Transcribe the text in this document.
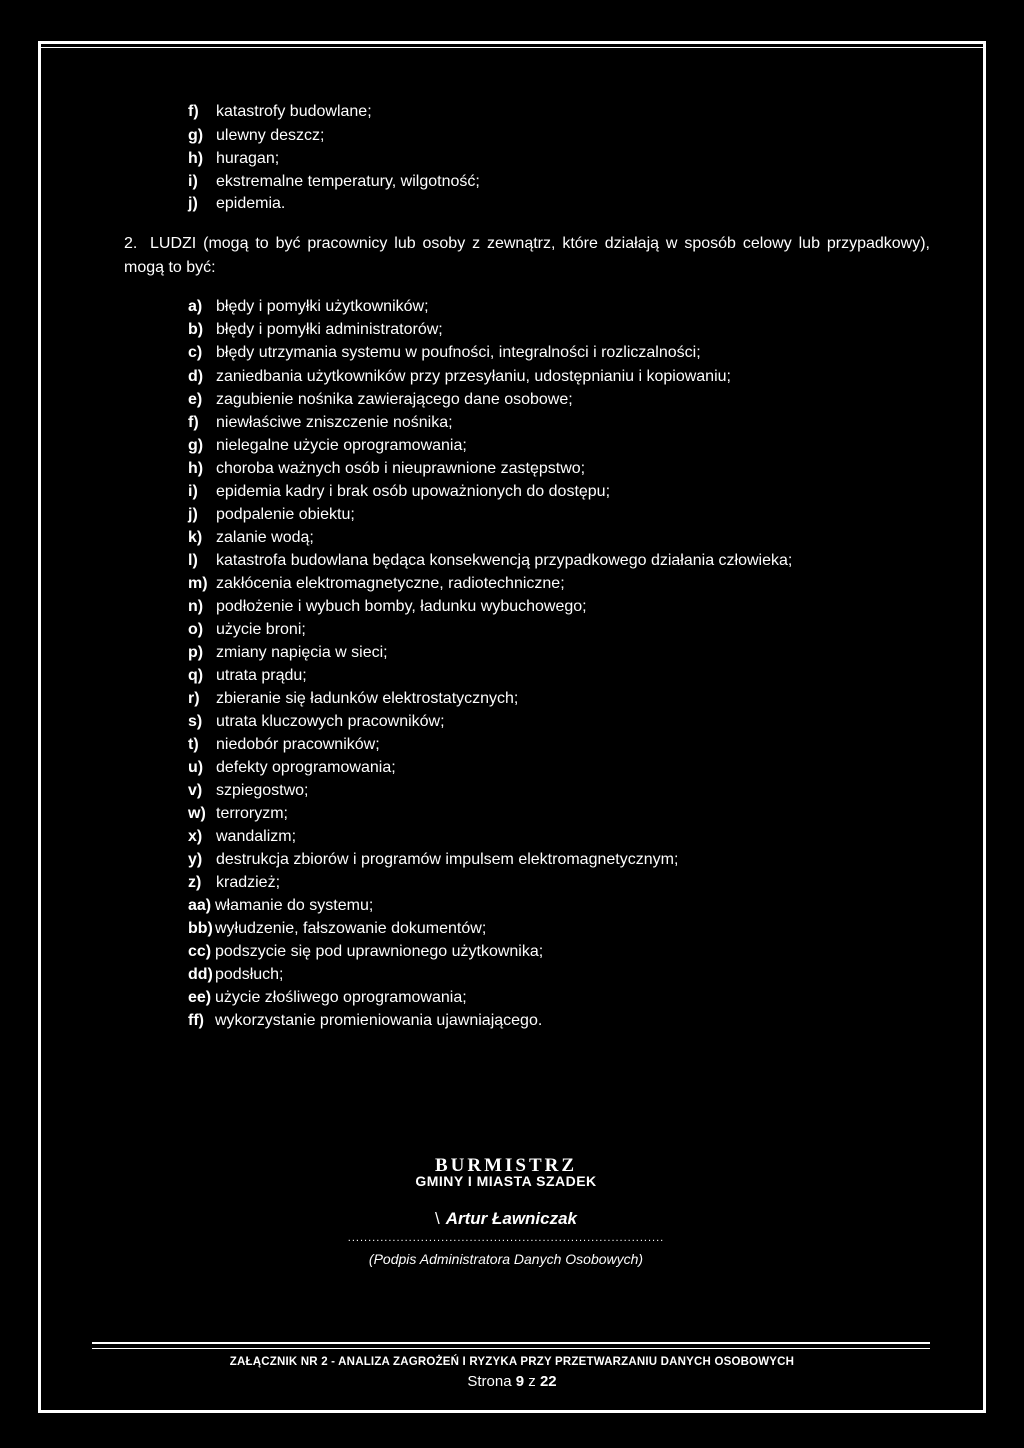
f) katastrofy budowlane;
g) ulewny deszcz;
h) huragan;
i) ekstremalne temperatury, wilgotność;
j) epidemia.
2. LUDZI (mogą to być pracownicy lub osoby z zewnątrz, które działają w sposób celowy lub przypadkowy), mogą to być:
a) błędy i pomyłki użytkowników;
b) błędy i pomyłki administratorów;
c) błędy utrzymania systemu w poufności, integralności i rozliczalności;
d) zaniedbania użytkowników przy przesyłaniu, udostępnianiu i kopiowaniu;
e) zagubienie nośnika zawierającego dane osobowe;
f) niewłaściwe zniszczenie nośnika;
g) nielegalne użycie oprogramowania;
h) choroba ważnych osób i nieuprawnione zastępstwo;
i) epidemia kadry i brak osób upoważnionych do dostępu;
j) podpalenie obiektu;
k) zalanie wodą;
l) katastrofa budowlana będąca konsekwencją przypadkowego działania człowieka;
m) zakłócenia elektromagnetyczne, radiotechniczne;
n) podłożenie i wybuch bomby, ładunku wybuchowego;
o) użycie broni;
p) zmiany napięcia w sieci;
q) utrata prądu;
r) zbieranie się ładunków elektrostatycznych;
s) utrata kluczowych pracowników;
t) niedobór pracowników;
u) defekty oprogramowania;
v) szpiegostwo;
w) terroryzm;
x) wandalizm;
y) destrukcja zbiorów i programów impulsem elektromagnetycznym;
z) kradzież;
aa) włamanie do systemu;
bb) wyłudzenie, fałszowanie dokumentów;
cc) podszycie się pod uprawnionego użytkownika;
dd) podsłuch;
ee) użycie złośliwego oprogramowania;
ff) wykorzystanie promieniowania ujawniającego.
BURMISTRZ
GMINY I MIASTA SZADEK
\ Artur Ławniczak
..............................................................................
(Podpis Administratora Danych Osobowych)
ZAŁĄCZNIK NR 2 - ANALIZA ZAGROŻEŃ I RYZYKA PRZY PRZETWARZANIU DANYCH OSOBOWYCH
Strona 9 z 22
